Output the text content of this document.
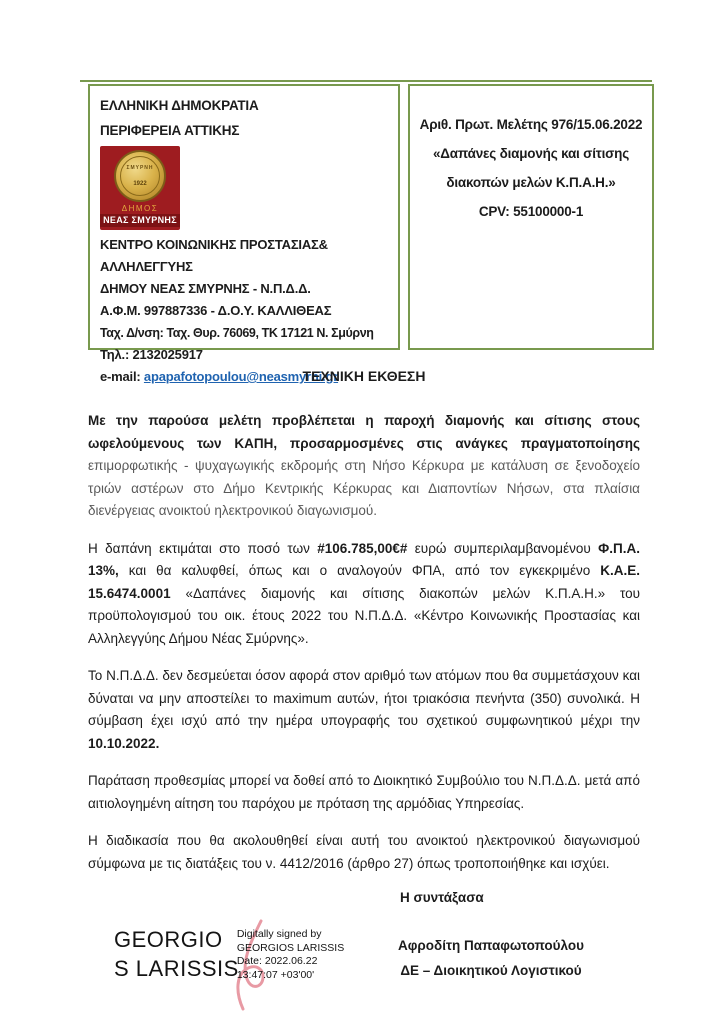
ΕΛΛΗΝΙΚΗ ΔΗΜΟΚΡΑΤΙΑ
ΠΕΡΙΦΕΡΕΙΑ ΑΤΤΙΚΗΣ
ΣΜΥΡΝΗ
1922
ΔΗΜΟΣ
ΝΕΑΣ ΣΜΥΡΝΗΣ
ΚΕΝΤΡΟ ΚΟΙΝΩΝΙΚΗΣ ΠΡΟΣΤΑΣΙΑΣ&
ΑΛΛΗΛΕΓΓΥΗΣ
ΔΗΜΟΥ ΝΕΑΣ ΣΜΥΡΝΗΣ - Ν.Π.Δ.Δ.
Α.Φ.Μ. 997887336 - Δ.Ο.Υ. ΚΑΛΛΙΘΕΑΣ
Ταχ. Δ/νση: Ταχ. Θυρ. 76069, ΤΚ 17121 Ν. Σμύρνη
Τηλ.: 2132025917
e-mail: apapafotopoulou@neasmyrni.gr
Αριθ. Πρωτ. Μελέτης 976/15.06.2022
«Δαπάνες διαμονής και σίτισης
διακοπών μελών Κ.Π.Α.Η.»
CPV: 55100000-1
ΤΕΧΝΙΚΗ ΕΚΘΕΣΗ

Με την παρούσα μελέτη προβλέπεται η παροχή διαμονής και σίτισης στους ωφελούμενους των ΚΑΠΗ, προσαρμοσμένες στις ανάγκες πραγματοποίησης επιμορφωτικής - ψυχαγωγικής εκδρομής στη Νήσο Κέρκυρα με κατάλυση σε ξενοδοχείο τριών αστέρων στο Δήμο Κεντρικής Κέρκυρας και Διαποντίων Νήσων, στα πλαίσια διενέργειας ανοικτού ηλεκτρονικού διαγωνισμού.

Η δαπάνη εκτιμάται στο ποσό των #106.785,00€# ευρώ συμπεριλαμβανομένου Φ.Π.Α. 13%, και θα καλυφθεί, όπως και ο αναλογούν ΦΠΑ, από τον εγκεκριμένο Κ.Α.Ε. 15.6474.0001 «Δαπάνες διαμονής και σίτισης διακοπών μελών Κ.Π.Α.Η.» του προϋπολογισμού του οικ. έτους 2022 του Ν.Π.Δ.Δ. «Κέντρο Κοινωνικής Προστασίας και Αλληλεγγύης Δήμου Νέας Σμύρνης».

Το Ν.Π.Δ.Δ. δεν δεσμεύεται όσον αφορά στον αριθμό των ατόμων που θα συμμετάσχουν και δύναται να μην αποστείλει το maximum αυτών, ήτοι τριακόσια πενήντα (350) συνολικά. Η σύμβαση έχει ισχύ από την ημέρα υπογραφής του σχετικού συμφωνητικού μέχρι την 10.10.2022.

Παράταση προθεσμίας μπορεί να δοθεί από το Διοικητικό Συμβούλιο του Ν.Π.Δ.Δ. μετά από αιτιολογημένη αίτηση του παρόχου με πρόταση της αρμόδιας Υπηρεσίας.

Η διαδικασία που θα ακολουθηθεί είναι αυτή του ανοικτού ηλεκτρονικού διαγωνισμού σύμφωνα με τις διατάξεις του ν. 4412/2016 (άρθρο 27) όπως τροποποιήθηκε και ισχύει.

Η συντάξασα
GEORGIO
S LARISSIS
Digitally signed by
GEORGIOS LARISSIS
Date: 2022.06.22
13:47:07 +03'00'
Αφροδίτη Παπαφωτοπούλου
ΔΕ – Διοικητικού Λογιστικού
